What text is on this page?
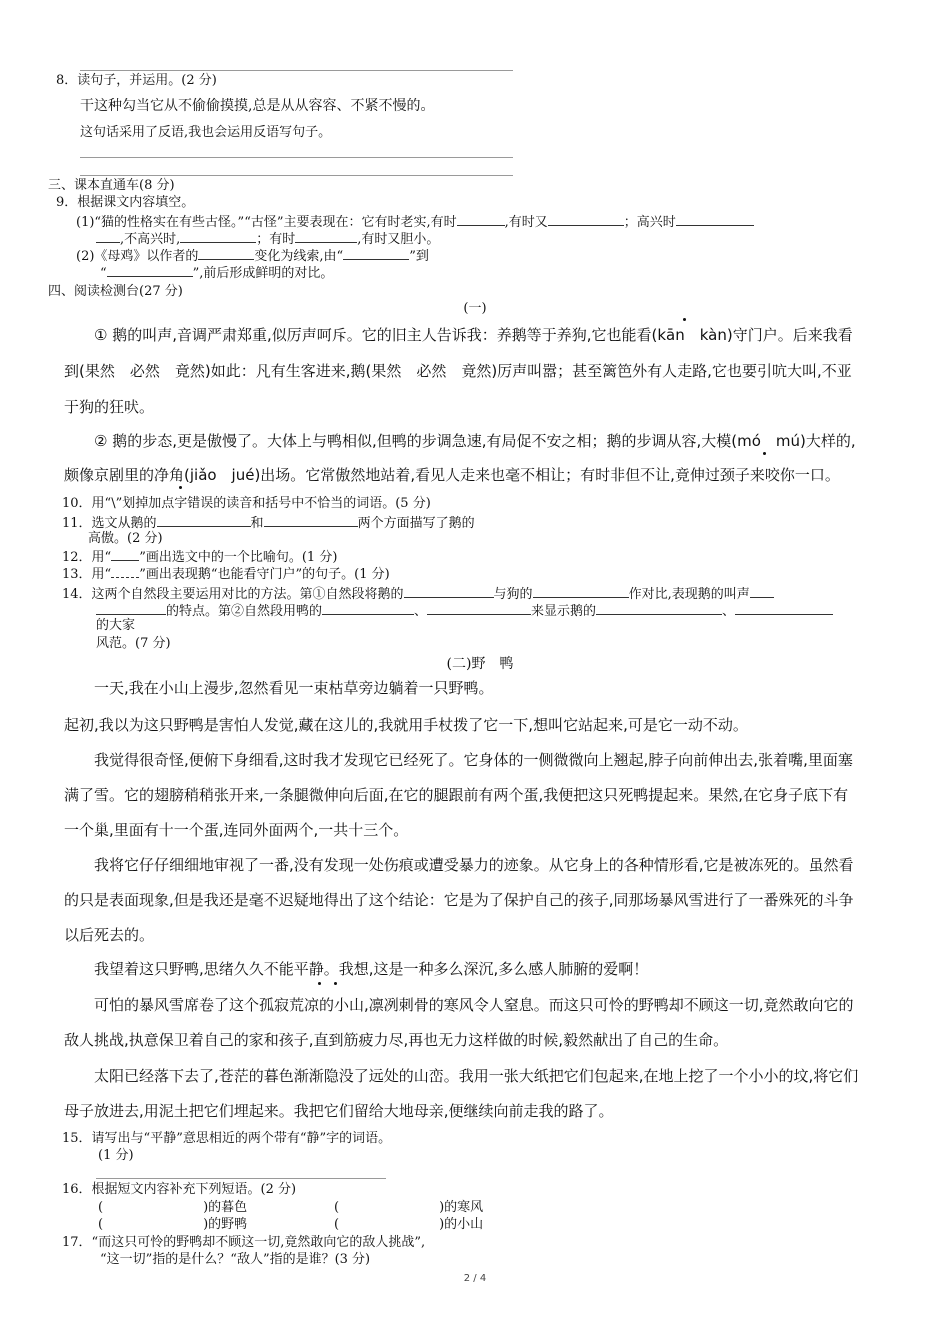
8．读句子，并运用。(2 分)
干这种勾当它从不偷偷摸摸,总是从从容容、不紧不慢的。
这句话采用了反语,我也会运用反语写句子。
三、课本直通车(8 分)
9．根据课文内容填空。
(1)“猫的性格实在有些古怪。”“古怪”主要表现在：它有时老实,有时	,有时又	；高兴时
,不高兴时,	；有时	,有时又胆小。
(2)《母鸡》以作者的	变化为线索,由“	”到
“	”,前后形成鲜明的对比。
四、阅读检测台(27 分)
(一)
① 鹅的叫声,音调严肃郑重,似厉声呵斥。它的旧主人告诉我：养鹅等于养狗,它也能看(kān　kàn)守门户。后来我看
到(果然　必然　竟然)如此：凡有生客进来,鹅(果然　必然　竟然)厉声叫嚣；甚至篱笆外有人走路,它也要引吭大叫,不亚
于狗的狂吠。
② 鹅的步态,更是傲慢了。大体上与鸭相似,但鸭的步调急速,有局促不安之相；鹅的步调从容,大模(mó　mú)大样的,
颇像京剧里的净角(jiǎo　jué)出场。它常傲然地站着,看见人走来也毫不相让；有时非但不让,竟伸过颈子来咬你一口。
10．用“\”划掉加点字错误的读音和括号中不恰当的词语。(5 分)
11．选文从鹅的	和	两个方面描写了鹅的
高傲。(2 分)
12．用“ ”画出选文中的一个比喻句。(1 分)
13．用“ ”画出表现鹅“也能看守门户”的句子。(1 分)
14．这两个自然段主要运用对比的方法。第①自然段将鹅的	与狗的	作对比,表现鹅的叫声
的特点。第②自然段用鸭的	、	来显示鹅的	、
的大家
风范。(7 分)
(二)野　鸭
一天,我在小山上漫步,忽然看见一束枯草旁边躺着一只野鸭。
起初,我以为这只野鸭是害怕人发觉,藏在这儿的,我就用手杖拨了它一下,想叫它站起来,可是它一动不动。
我觉得很奇怪,便俯下身细看,这时我才发现它已经死了。它身体的一侧微微向上翘起,脖子向前伸出去,张着嘴,里面塞
满了雪。它的翅膀稍稍张开来,一条腿微伸向后面,在它的腿跟前有两个蛋,我便把这只死鸭提起来。果然,在它身子底下有
一个巢,里面有十一个蛋,连同外面两个,一共十三个。
我将它仔仔细细地审视了一番,没有发现一处伤痕或遭受暴力的迹象。从它身上的各种情形看,它是被冻死的。虽然看
的只是表面现象,但是我还是毫不迟疑地得出了这个结论：它是为了保护自己的孩子,同那场暴风雪进行了一番殊死的斗争
以后死去的。
我望着这只野鸭,思绪久久不能平静。我想,这是一种多么深沉,多么感人肺腑的爱啊！
可怕的暴风雪席卷了这个孤寂荒凉的小山,凛冽刺骨的寒风令人窒息。而这只可怜的野鸭却不顾这一切,竟然敢向它的
敌人挑战,执意保卫着自己的家和孩子,直到筋疲力尽,再也无力这样做的时候,毅然献出了自己的生命。
太阳已经落下去了,苍茫的暮色渐渐隐没了远处的山峦。我用一张大纸把它们包起来,在地上挖了一个小小的坟,将它们
母子放进去,用泥土把它们埋起来。我把它们留给大地母亲,便继续向前走我的路了。
15．请写出与“平静”意思相近的两个带有“静”字的词语。
(1 分)
16．根据短文内容补充下列短语。(2 分)
(	)的暮色	(	)的寒风
(	)的野鸭	(	)的小山
17．“而这只可怜的野鸭却不顾这一切,竟然敢向它的敌人挑战”,
“这一切”指的是什么？“敌人”指的是谁？(3 分)
2 / 4
